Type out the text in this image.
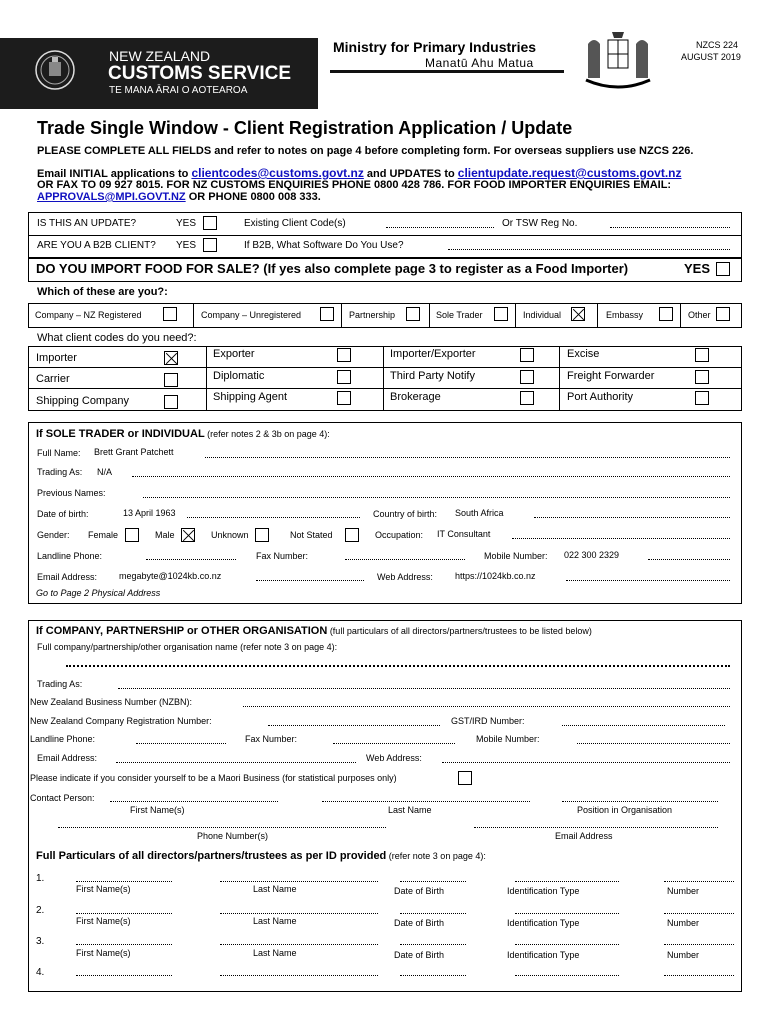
NEW ZEALAND
CUSTOMS SERVICE
TE MANA ĀRAI O AOTEAROA
Ministry for Primary Industries
Manatū Ahu Matua
NZCS 224
AUGUST 2019
Trade Single Window - Client Registration Application / Update
PLEASE COMPLETE ALL FIELDS and refer to notes on page 4 before completing form. For overseas suppliers use NZCS 226.
Email INITIAL applications to clientcodes@customs.govt.nz and UPDATES to clientupdate.request@customs.govt.nz
OR FAX TO 09 927 8015. FOR NZ CUSTOMS ENQUIRIES PHONE 0800 428 786. FOR FOOD IMPORTER ENQUIRIES EMAIL:
APPROVALS@MPI.GOVT.NZ OR PHONE 0800 008 333.
IS THIS AN UPDATE?	YES	Existing Client Code(s)	Or TSW Reg No.
ARE YOU A B2B CLIENT? YES	If B2B, What Software Do You Use?
DO YOU IMPORT FOOD FOR SALE? (If yes also complete page 3 to register as a Food Importer)	YES
Which of these are you?:
Company – NZ Registered	Company – Unregistered	Partnership	Sole Trader	Individual	Embassy	Other
What client codes do you need?:
Importer	Exporter	Importer/Exporter	Excise
Carrier	Diplomatic	Third Party Notify	Freight Forwarder
Shipping Company	Shipping Agent	Brokerage	Port Authority
If SOLE TRADER or INDIVIDUAL (refer notes 2 & 3b on page 4):
Full Name: Brett Grant Patchett
Trading As: N/A
Previous Names:
Date of birth:	13 April 1963	Country of birth: South Africa
Gender: Female	Male	Unknown	Not Stated	Occupation: IT Consultant
Landline Phone:	Fax Number:	Mobile Number: 022 300 2329
Email Address: megabyte@1024kb.co.nz	Web Address: https://1024kb.co.nz
Go to Page 2 Physical Address
If COMPANY, PARTNERSHIP or OTHER ORGANISATION (full particulars of all directors/partners/trustees to be listed below)
Full company/partnership/other organisation name (refer note 3 on page 4):
Trading As:
New Zealand Business Number (NZBN):
New Zealand Company Registration Number:	GST/IRD Number:
Landline Phone:	Fax Number:	Mobile Number:
Email Address:	Web Address:
Please indicate if you consider yourself to be a Maori Business (for statistical purposes only)
Contact Person:
First Name(s)	Last Name	Position in Organisation
Phone Number(s)	Email Address
Full Particulars of all directors/partners/trustees as per ID provided (refer note 3 on page 4):
1.
First Name(s)	Last Name	Date of Birth	Identification Type	Number
2.
First Name(s)	Last Name	Date of Birth	Identification Type	Number
3.
First Name(s)	Last Name	Date of Birth	Identification Type	Number
4.
